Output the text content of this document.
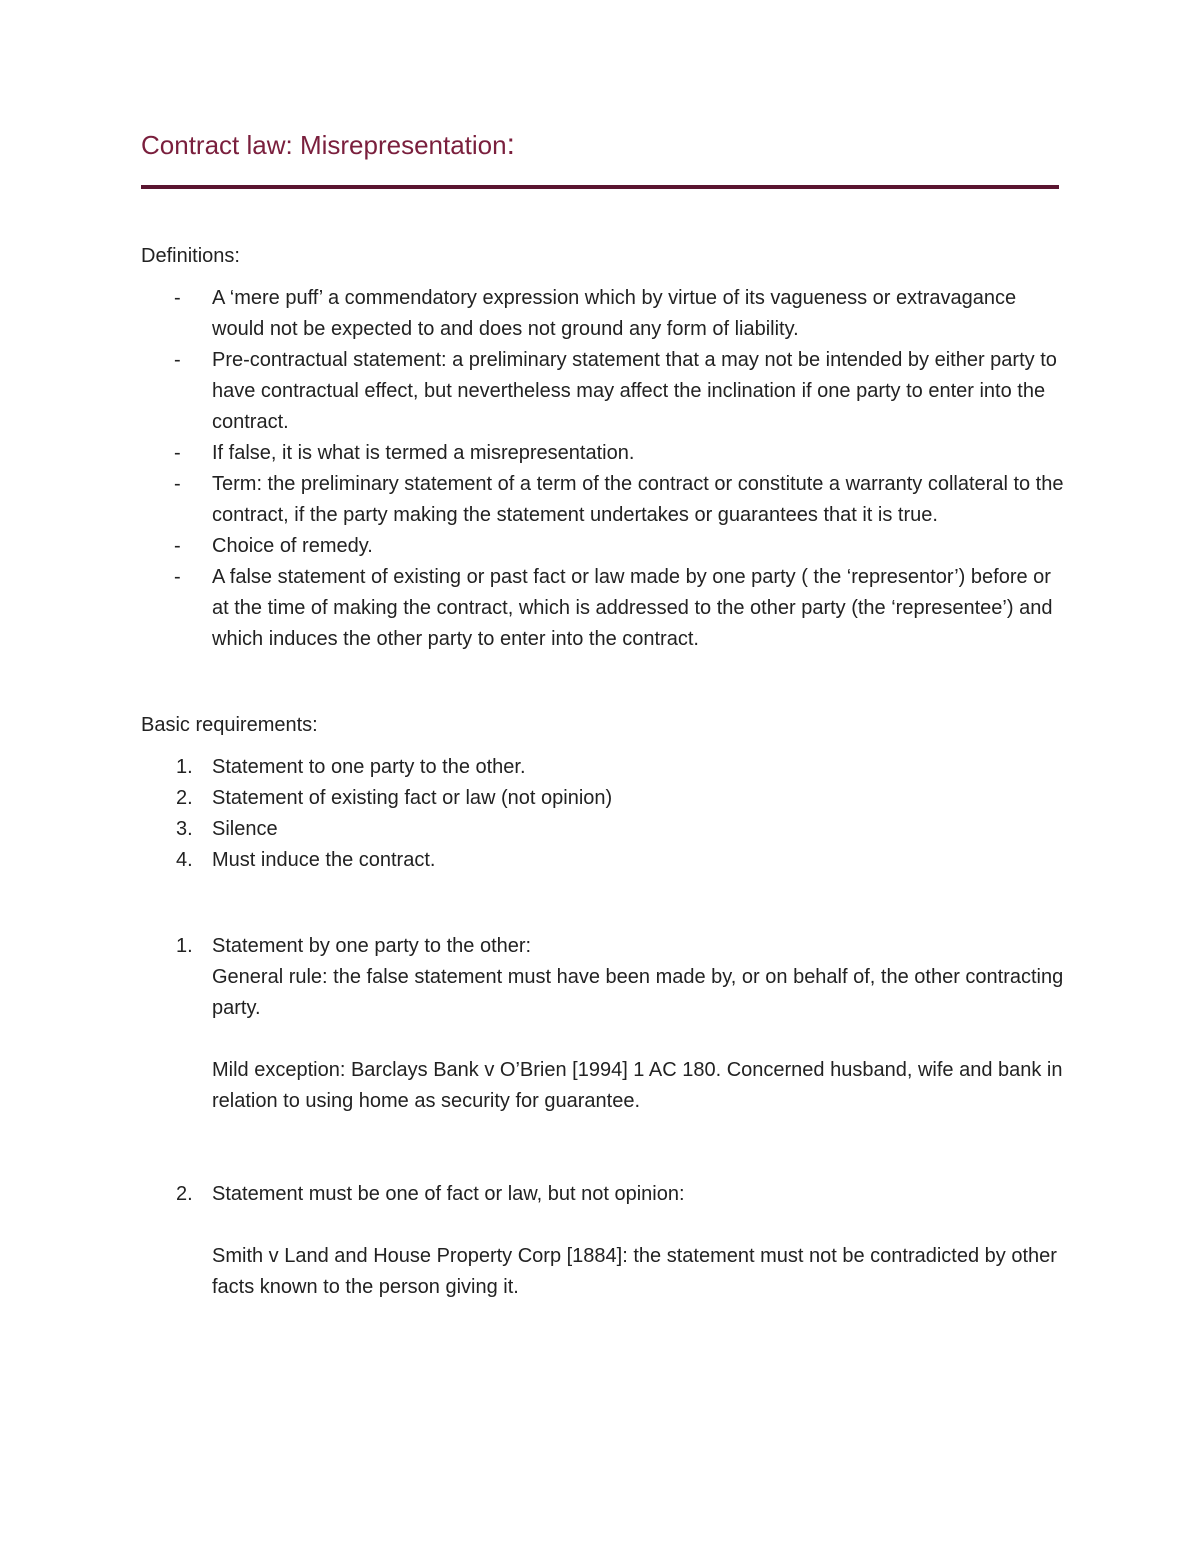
Contract law: Misrepresentation:

Definitions:

-	A ‘mere puff’ a commendatory expression which by virtue of its vagueness or extravagance would not be expected to and does not ground any form of liability.
-	Pre-contractual statement: a preliminary statement that a may not be intended by either party to have contractual effect, but nevertheless may affect the inclination if one party to enter into the contract.
-	If false, it is what is termed a misrepresentation.
-	Term: the preliminary statement of a term of the contract or constitute a warranty collateral to the contract, if the party making the statement undertakes or guarantees that it is true.
-	Choice of remedy.
-	A false statement of existing or past fact or law made by one party ( the ‘representor’) before or at the time of making the contract, which is addressed to the other party (the ‘representee’) and which induces the other party to enter into the contract.

Basic requirements:

1. Statement to one party to the other.
2. Statement of existing fact or law (not opinion)
3. Silence
4. Must induce the contract.
1. Statement by one party to the other:
General rule: the false statement must have been made by, or on behalf of, the other contracting party.
Mild exception: Barclays Bank v O’Brien [1994] 1 AC 180. Concerned husband, wife and bank in relation to using home as security for guarantee.
2. Statement must be one of fact or law, but not opinion:
Smith v Land and House Property Corp [1884]: the statement must not be contradicted by other facts known to the person giving it.
